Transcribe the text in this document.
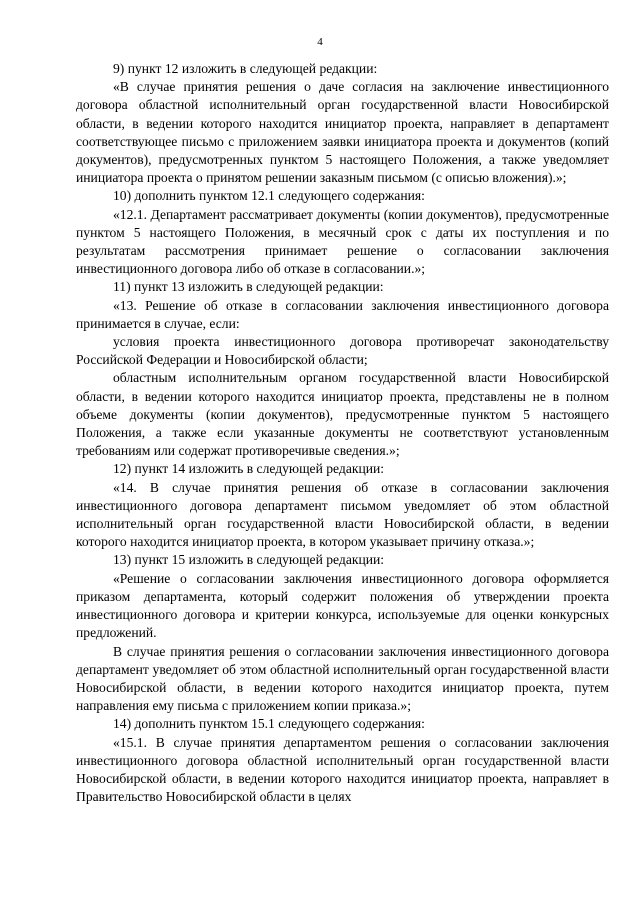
4

9) пункт 12 изложить в следующей редакции:

«В случае принятия решения о даче согласия на заключение инвестиционного договора областной исполнительный орган государственной власти Новосибирской области, в ведении которого находится инициатор проекта, направляет в департамент соответствующее письмо с приложением заявки инициатора проекта и документов (копий документов), предусмотренных пунктом 5 настоящего Положения, а также уведомляет инициатора проекта о принятом решении заказным письмом (с описью вложения).»;

10) дополнить пунктом 12.1 следующего содержания:

«12.1. Департамент рассматривает документы (копии документов), предусмотренные пунктом 5 настоящего Положения, в месячный срок с даты их поступления и по результатам рассмотрения принимает решение о согласовании заключения инвестиционного договора либо об отказе в согласовании.»;

11) пункт 13 изложить в следующей редакции:

«13. Решение об отказе в согласовании заключения инвестиционного договора принимается в случае, если:

условия проекта инвестиционного договора противоречат законодательству Российской Федерации и Новосибирской области;

областным исполнительным органом государственной власти Новосибирской области, в ведении которого находится инициатор проекта, представлены не в полном объеме документы (копии документов), предусмотренные пунктом 5 настоящего Положения, а также если указанные документы не соответствуют установленным требованиям или содержат противоречивые сведения.»;

12) пункт 14 изложить в следующей редакции:

«14. В случае принятия решения об отказе в согласовании заключения инвестиционного договора департамент письмом уведомляет об этом областной исполнительный орган государственной власти Новосибирской области, в ведении которого находится инициатор проекта, в котором указывает причину отказа.»;

13) пункт 15 изложить в следующей редакции:

«Решение о согласовании заключения инвестиционного договора оформляется приказом департамента, который содержит положения об утверждении проекта инвестиционного договора и критерии конкурса, используемые для оценки конкурсных предложений.

В случае принятия решения о согласовании заключения инвестиционного договора департамент уведомляет об этом областной исполнительный орган государственной власти Новосибирской области, в ведении которого находится инициатор проекта, путем направления ему письма с приложением копии приказа.»;

14) дополнить пунктом 15.1 следующего содержания:

«15.1. В случае принятия департаментом решения о согласовании заключения инвестиционного договора областной исполнительный орган государственной власти Новосибирской области, в ведении которого находится инициатор проекта, направляет в Правительство Новосибирской области в целях
